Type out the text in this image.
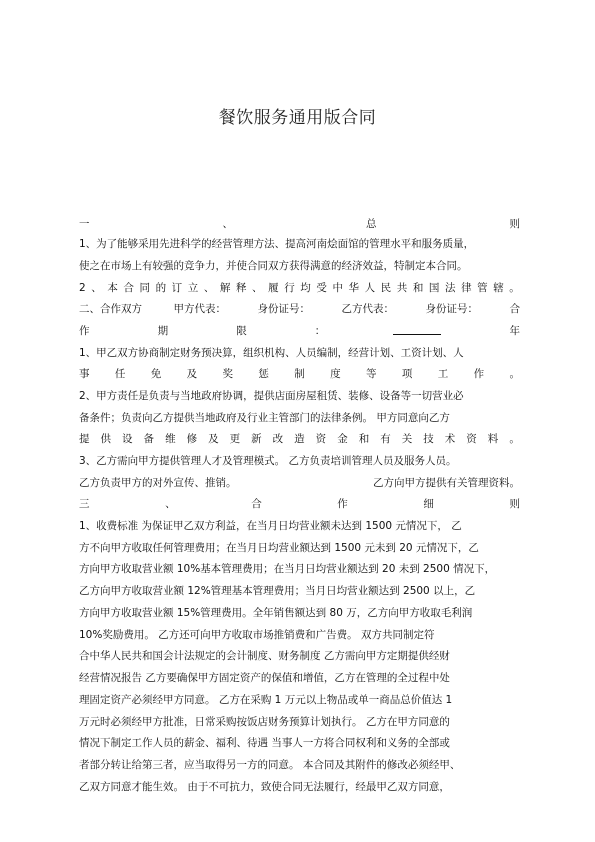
餐饮服务通用版合同
一	、	总	则
1、为了能够采用先进科学的经营管理方法、提高河南烩面馆的管理水平和服务质量，
使之在市场上有较强的竞争力，并使合同双方获得满意的经济效益，特制定本合同。
2 、 本 合 同 的 订 立 、 解 释 、 履 行 均 受 中 华 人 民 共 和 国 法 律 管 辖 。
二、合作双方	甲方代表：	身份证号：	乙方代表：	身份证号：	合
作	期	限	：	年
1、甲乙双方协商制定财务预决算，组织机构、人员编制，经营计划、工资计划、人
事 任 免 及 奖 惩 制 度 等 项 工 作 。
2、甲方责任是负责与当地政府协调，提供店面房屋租赁、装修、设备等一切营业必
备条件；负责向乙方提供当地政府及行业主管部门的法律条例。 甲方同意向乙方
提 供 设 备 维 修 及 更 新 改 造 资 金 和 有 关 技 术 资 料 。
3、乙方需向甲方提供管理人才及管理模式。 乙方负责培训管理人员及服务人员。
乙方负责甲方的对外宣传、推销。	乙方向甲方提供有关管理资料。
三	、	合	作	细	则
1、收费标准 为保证甲乙双方利益，在当月日均营业额未达到 1500 元情况下， 乙
方不向甲方收取任何管理费用；在当月日均营业额达到 1500 元未到 20 元情况下，乙
方向甲方收取营业额 10%基本管理费用；在当月日均营业额达到 20 未到 2500 情况下，
乙方向甲方收取营业额 12%管理基本管理费用；当月日均营业额达到 2500 以上，乙
方向甲方收取营业额 15%管理费用。全年销售额达到 80 万，乙方向甲方收取毛利润
10%奖励费用。 乙方还可向甲方收取市场推销费和广告费。 双方共同制定符
合中华人民共和国会计法规定的会计制度、财务制度 乙方需向甲方定期提供经财
经营情况报告 乙方要确保甲方固定资产的保值和增值，乙方在管理的全过程中处
理固定资产必须经甲方同意。 乙方在采购 1 万元以上物品或单一商品总价值达 1
万元时必须经甲方批准，日常采购按饭店财务预算计划执行。 乙方在甲方同意的
情况下制定工作人员的薪金、福利、待遇 当事人一方将合同权利和义务的全部或
者部分转让给第三者，应当取得另一方的同意。 本合同及其附件的修改必须经甲、
乙双方同意才能生效。 由于不可抗力，致使合同无法履行，经最甲乙双方同意，
